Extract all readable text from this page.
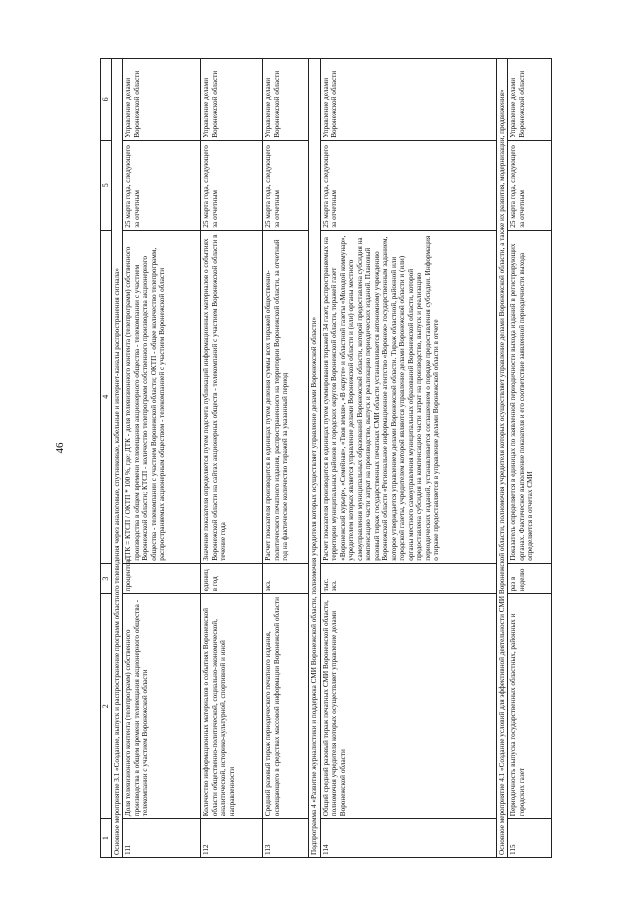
46
1	2	3	4	5	6
Основное мероприятие 3.1 «Создание, выпуск и распространение программ областного телевидения через аналоговые, спутниковые, кабельные и интернет-каналы распространения сигнала»					
111	Доля телевизионного контента (телепрограмм) собственного производства в общем времени телевещания акционерного общества - телекомпании с участием Воронежской области	процентов	ДТК = КТСП / ОКТП * 100 %, где: ДТК - доля телевизионного контента (телепрограмм) собственного производства в общем времени телевещания акционерного общества - телекомпании с участием Воронежской области; КТСП - количество телепрограмм собственного производства акционерного общества - телекомпании с участием Воронежской области; ОКТП - общее количество телепрограмм, распространяемых акционерным обществом - телекомпанией с участием Воронежской области	25 марта года, следующего за отчетным	Управление делами Воронежской области
112	Количество информационных материалов о событиях Воронежской области общественно-политической, социально-экономической, аналитической, историко-культурной, спортивной и иной направленности	единиц в год	Значение показателя определяется путем подсчета публикаций информационных материалов о событиях Воронежской области на сайтах акционерных обществ - телекомпаний с участием Воронежской области в течение года	25 марта года, следующего за отчетным	Управление делами Воронежской области
113	Средний разовый тираж периодического печатного издания, освещающего в средствах массовой информации Воронежской области	экз.	Расчет показателя производится в единицах путем деления суммы всех тиражей общественно-политического печатного издания, распространенного на территории Воронежской области, за отчетный год на фактическое количество тиражей за указанный период	25 марта года, следующего за отчетным	Управление делами Воронежской области
Подпрограмма 4 «Развитие журналистики и поддержка СМИ Воронежской области, полномочия учредителя которых осуществляет управление делами Воронежской области»					
114	Общий средний разовый тираж печатных СМИ Воронежской области, полномочия учредителя которых осуществляет управление делами Воронежской области	тыс. экз.	Расчет показателя производится в единицах путем суммирования тиражей 34 газет, распространяемых на территории муниципальных районов и городских округов Воронежской области, тиражей газет «Воронежский курьер», «Семейная», «Твоя земля», «В округе» и областной газеты «Молодой коммунар», учредителем которых является управление делами Воронежской области и (или) органы местного самоуправления муниципальных образований Воронежской области, которой предоставлена субсидия на компенсацию части затрат на производство, выпуск и реализацию периодических изданий. Плановый разовый тираж государственных печатных СМИ области устанавливается автономному учреждению Воронежской области «Региональное информационное агентство «Воронеж» государственным заданием, которое утверждается управлением делами Воронежской области. Тираж областной, районной или городской газеты, учредителем которой являются управление делами Воронежской области и (или) органы местного самоуправления муниципальных образований Воронежской области, которой предоставлена субсидия на компенсацию части затрат на производство, выпуск и реализацию периодических изданий, устанавливается соглашением о порядке предоставления субсидии. Информация о тираже предоставляется в управление делами Воронежской области в отчете	25 марта года, следующего за отчетным	Управление делами Воронежской области
Основное мероприятие 4.1 «Создание условий для эффективной деятельности СМИ Воронежской области, полномочия учредителя которых осуществляет управление делами Воронежской области, а также их развития, модернизации, продвижения»					
115	Периодичность выпуска государственных областных, районных и городских газет	раз в неделю	Показатель определяется в единицах по заявленной периодичности выхода изданий в регистрирующих органах. Фактическое выполнение показателя и его соответствие заявленной периодичности выхода определяется в отчетах СМИ	25 марта года, следующего за отчетным	Управление делами Воронежской области
